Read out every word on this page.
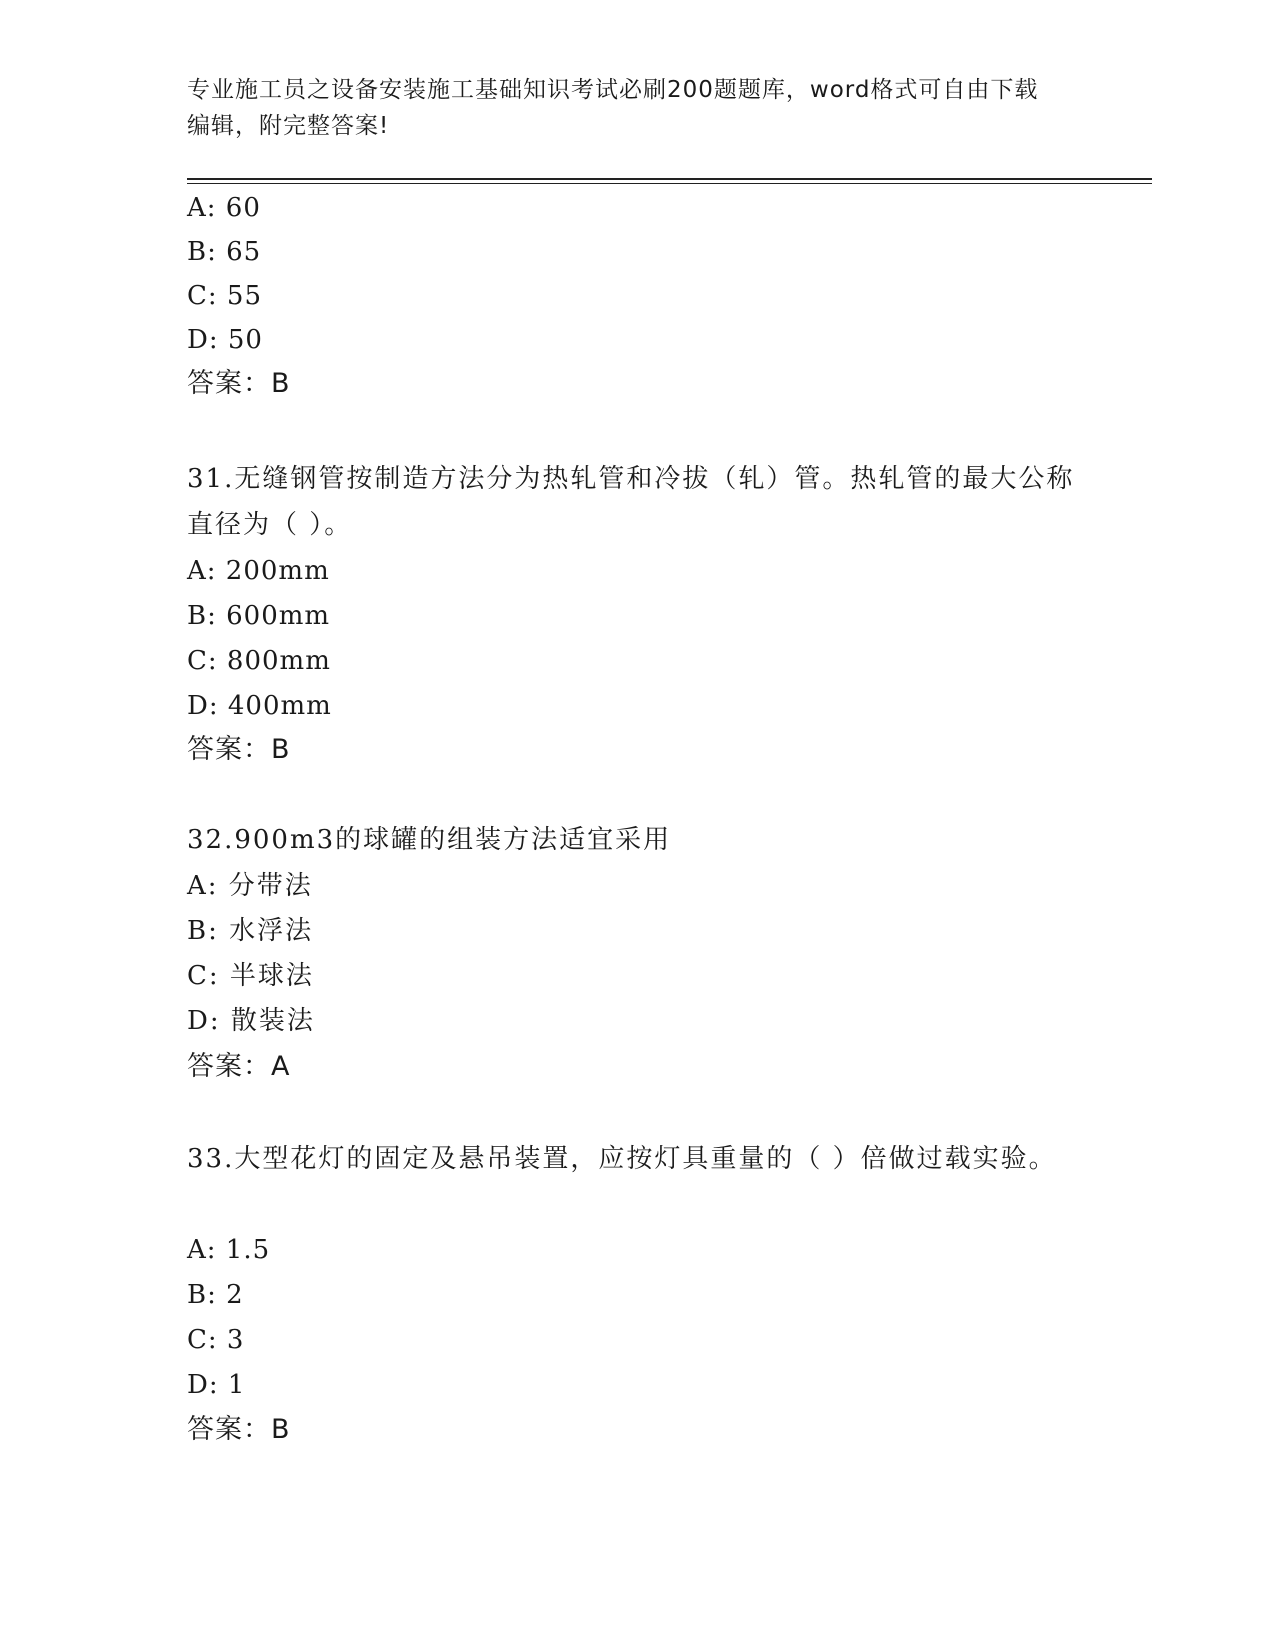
专业施工员之设备安装施工基础知识考试必刷200题题库，word格式可自由下载
编辑，附完整答案!
A: 60
B: 65
C: 55
D: 50
答案：B
31.无缝钢管按制造方法分为热轧管和冷拔（轧）管。热轧管的最大公称直径为（ ）。
A: 200mm
B: 600mm
C: 800mm
D: 400mm
答案：B
32.900m3的球罐的组装方法适宜采用
A: 分带法
B: 水浮法
C: 半球法
D: 散装法
答案：A
33.大型花灯的固定及悬吊装置，应按灯具重量的（ ）倍做过载实验。
A: 1.5
B: 2
C: 3
D: 1
答案：B
